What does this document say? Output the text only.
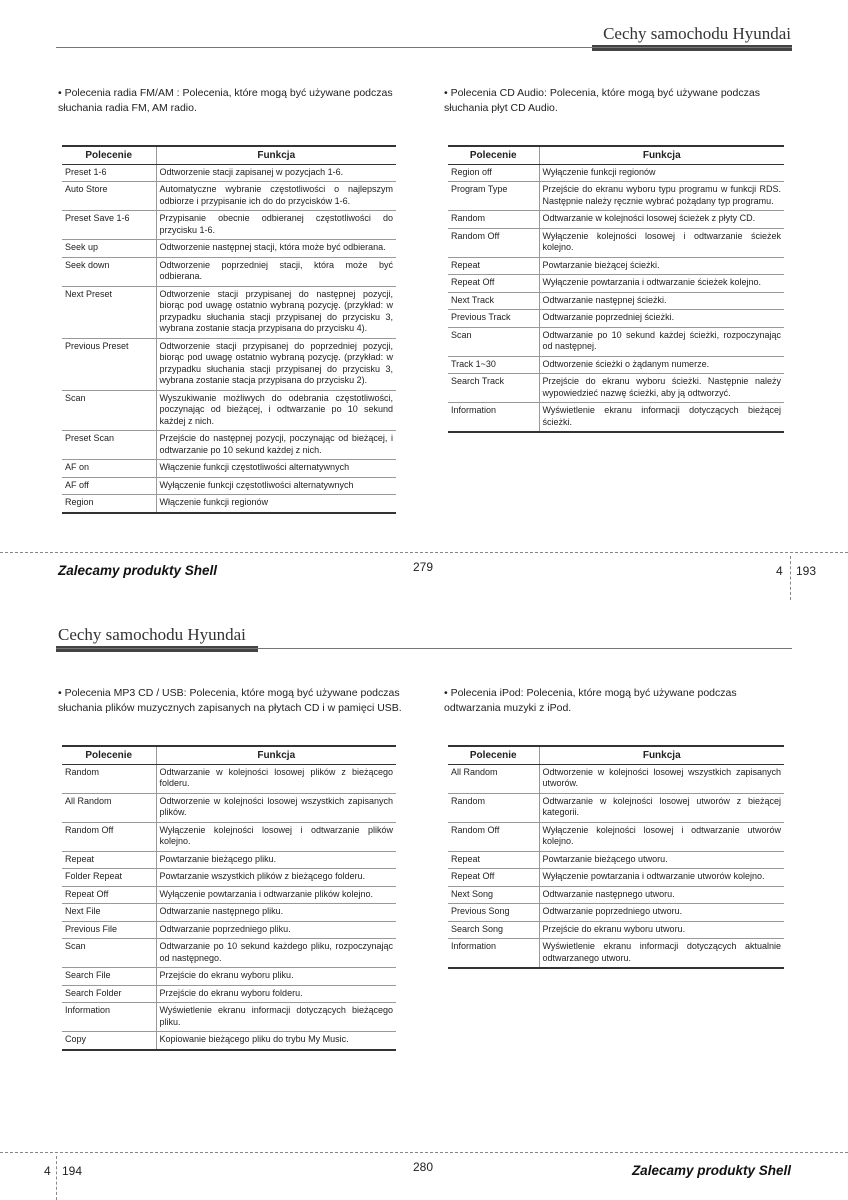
Cechy samochodu Hyundai
• Polecenia radia FM/AM : Polecenia, które mogą być używane podczas słuchania radia FM, AM radio.
• Polecenia CD Audio: Polecenia, które mogą być używane podczas słuchania płyt CD Audio.
Polecenie	Funkcja
Preset 1-6	Odtworzenie stacji zapisanej w pozycjach 1-6.
Auto Store	Automatyczne wybranie częstotliwości o najlepszym odbiorze i przypisanie ich do do przycisków 1-6.
Preset Save 1-6	Przypisanie obecnie odbieranej częstotliwości do przycisku 1-6.
Seek up	Odtworzenie następnej stacji, która może być odbierana.
Seek down	Odtworzenie poprzedniej stacji, która może być odbierana.
Next Preset	Odtworzenie stacji przypisanej do następnej pozycji, biorąc pod uwagę ostatnio wybraną pozycję. (przykład: w przypadku słuchania stacji przypisanej do przycisku 3, wybrana zostanie stacja przypisana do przycisku 4).
Previous Preset	Odtworzenie stacji przypisanej do poprzedniej pozycji, biorąc pod uwagę ostatnio wybraną pozycję. (przykład: w przypadku słuchania stacji przypisanej do przycisku 3, wybrana zostanie stacja przypisana do przycisku 2).
Scan	Wyszukiwanie możliwych do odebrania częstotliwości, poczynając od bieżącej, i odtwarzanie po 10 sekund każdej z nich.
Preset Scan	Przejście do następnej pozycji, poczynając od bieżącej, i odtwarzanie po 10 sekund każdej z nich.
AF on	Włączenie funkcji częstotliwości alternatywnych
AF off	Wyłączenie funkcji częstotliwości alternatywnych
Region	Włączenie funkcji regionów
Polecenie	Funkcja
Region off	Wyłączenie funkcji regionów
Program Type	Przejście do ekranu wyboru typu programu w funkcji RDS. Następnie należy ręcznie wybrać pożądany typ programu.
Random	Odtwarzanie w kolejności losowej ścieżek z płyty CD.
Random Off	Wyłączenie kolejności losowej i odtwarzanie ścieżek kolejno.
Repeat	Powtarzanie bieżącej ścieżki.
Repeat Off	Wyłączenie powtarzania i odtwarzanie ścieżek kolejno.
Next Track	Odtwarzanie następnej ścieżki.
Previous Track	Odtwarzanie poprzedniej ścieżki.
Scan	Odtwarzanie po 10 sekund każdej ścieżki, rozpoczynając od następnej.
Track 1~30	Odtworzenie ścieżki o żądanym numerze.
Search Track	Przejście do ekranu wyboru ścieżki. Następnie należy wypowiedzieć nazwę ścieżki, aby ją odtworzyć.
Information	Wyświetlenie ekranu informacji dotyczących bieżącej ścieżki.
Zalecamy produkty Shell	279	4 193
Cechy samochodu Hyundai
• Polecenia MP3 CD / USB: Polecenia, które mogą być używane podczas słuchania plików muzycznych zapisanych na płytach CD i w pamięci USB.
• Polecenia iPod: Polecenia, które mogą być używane podczas odtwarzania muzyki z iPod.
Polecenie	Funkcja
Random	Odtwarzanie w kolejności losowej plików z bieżącego folderu.
All Random	Odtworzenie w kolejności losowej wszystkich zapisanych plików.
Random Off	Wyłączenie kolejności losowej i odtwarzanie plików kolejno.
Repeat	Powtarzanie bieżącego pliku.
Folder Repeat	Powtarzanie wszystkich plików z bieżącego folderu.
Repeat Off	Wyłączenie powtarzania i odtwarzanie plików kolejno.
Next File	Odtwarzanie następnego pliku.
Previous File	Odtwarzanie poprzedniego pliku.
Scan	Odtwarzanie po 10 sekund każdego pliku, rozpoczynając od następnego.
Search File	Przejście do ekranu wyboru pliku.
Search Folder	Przejście do ekranu wyboru folderu.
Information	Wyświetlenie ekranu informacji dotyczących bieżącego pliku.
Copy	Kopiowanie bieżącego pliku do trybu My Music.
Polecenie	Funkcja
All Random	Odtworzenie w kolejności losowej wszystkich zapisanych utworów.
Random	Odtwarzanie w kolejności losowej utworów z bieżącej kategorii.
Random Off	Wyłączenie kolejności losowej i odtwarzanie utworów kolejno.
Repeat	Powtarzanie bieżącego utworu.
Repeat Off	Wyłączenie powtarzania i odtwarzanie utworów kolejno.
Next Song	Odtwarzanie następnego utworu.
Previous Song	Odtwarzanie poprzedniego utworu.
Search Song	Przejście do ekranu wyboru utworu.
Information	Wyświetlenie ekranu informacji dotyczących aktualnie odtwarzanego utworu.
4 194	280	Zalecamy produkty Shell
